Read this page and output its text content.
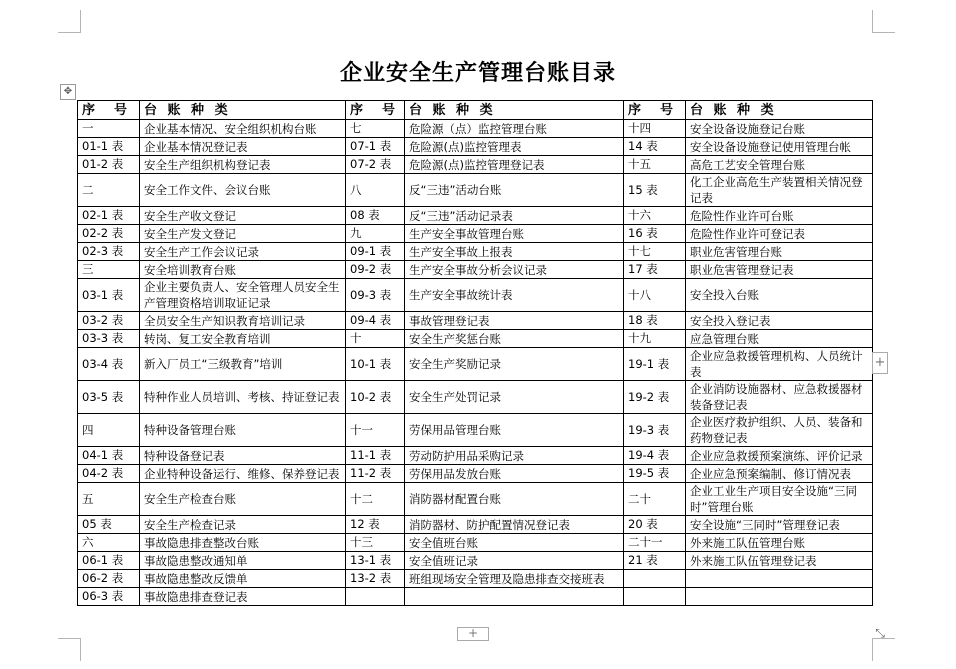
企业安全生产管理台账目录
✥
序　号	台 账 种 类	序　号	台 账 种 类	序　号	台 账 种 类
一	企业基本情况、安全组织机构台账	七	危险源（点）监控管理台账	十四	安全设备设施登记台账
01-1 表	企业基本情况登记表	07-1 表	危险源(点)监控管理表	14 表	安全设备设施登记使用管理台帐
01-2 表	安全生产组织机构登记表	07-2 表	危险源(点)监控管理登记表	十五	高危工艺安全管理台账
二	安全工作文件、会议台账	八	反“三违”活动台账	15 表	化工企业高危生产装置相关情况登记表
02-1 表	安全生产收文登记	08 表	反“三违”活动记录表	十六	危险性作业许可台账
02-2 表	安全生产发文登记	九	生产安全事故管理台账	16 表	危险性作业许可登记表
02-3 表	安全生产工作会议记录	09-1 表	生产安全事故上报表	十七	职业危害管理台账
三	安全培训教育台账	09-2 表	生产安全事故分析会议记录	17 表	职业危害管理登记表
03-1 表	企业主要负责人、安全管理人员安全生产管理资格培训取证记录	09-3 表	生产安全事故统计表	十八	安全投入台账
03-2 表	全员安全生产知识教育培训记录	09-4 表	事故管理登记表	18 表	安全投入登记表
03-3 表	转岗、复工安全教育培训	十	安全生产奖惩台账	十九	应急管理台账
03-4 表	新入厂员工“三级教育”培训	10-1 表	安全生产奖励记录	19-1 表	企业应急救援管理机构、人员统计表
03-5 表	特种作业人员培训、考核、持证登记表	10-2 表	安全生产处罚记录	19-2 表	企业消防设施器材、应急救援器材装备登记表
四	特种设备管理台账	十一	劳保用品管理台账	19-3 表	企业医疗救护组织、人员、装备和药物登记表
04-1 表	特种设备登记表	11-1 表	劳动防护用品采购记录	19-4 表	企业应急救援预案演练、评价记录
04-2 表	企业特种设备运行、维修、保养登记表	11-2 表	劳保用品发放台账	19-5 表	企业应急预案编制、修订情况表
五	安全生产检查台账	十二	消防器材配置台账	二十	企业工业生产项目安全设施“三同时”管理台账
05 表	安全生产检查记录	12 表	消防器材、防护配置情况登记表	20 表	安全设施“三同时”管理登记表
六	事故隐患排查整改台账	十三	安全值班台账	二十一	外来施工队伍管理台账
06-1 表	事故隐患整改通知单	13-1 表	安全值班记录	21 表	外来施工队伍管理登记表
06-2 表	事故隐患整改反馈单	13-2 表	班组现场安全管理及隐患排查交接班表		
06-3 表	事故隐患排查登记表				
+
+	⤡
